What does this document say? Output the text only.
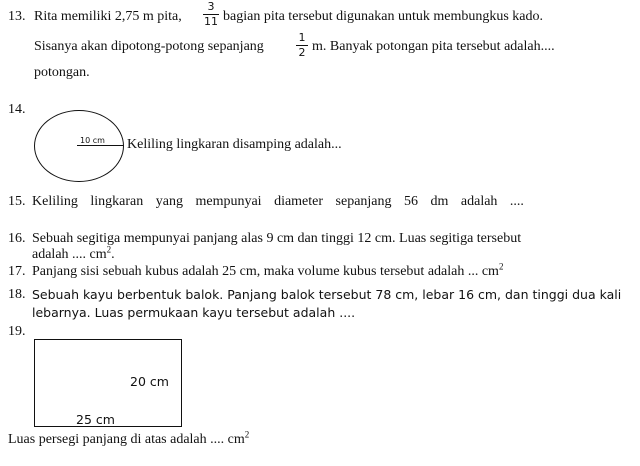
13. Rita memiliki 2,75 m pita,
3
11 bagian pita tersebut digunakan untuk membungkus kado.
Sisanya akan dipotong-potong sepanjang
1
2 m. Banyak potongan pita tersebut adalah....
potongan.
14.
10 cm Keliling lingkaran disamping adalah...
15. Keliling lingkaran yang mempunyai diameter sepanjang 56 dm adalah ....
16. Sebuah segitiga mempunyai panjang alas 9 cm dan tinggi 12 cm. Luas segitiga tersebut
adalah .... $cm^2$.
17. Panjang sisi sebuah kubus adalah 25 cm, maka volume kubus tersebut adalah ... $cm^2$
18. Sebuah kayu berbentuk balok. Panjang balok tersebut 78 cm, lebar 16 cm, dan tinggi dua kali
lebarnya. Luas permukaan kayu tersebut adalah ....
19.
20 cm
25 cm
Luas persegi panjang di atas adalah .... $cm^2$
